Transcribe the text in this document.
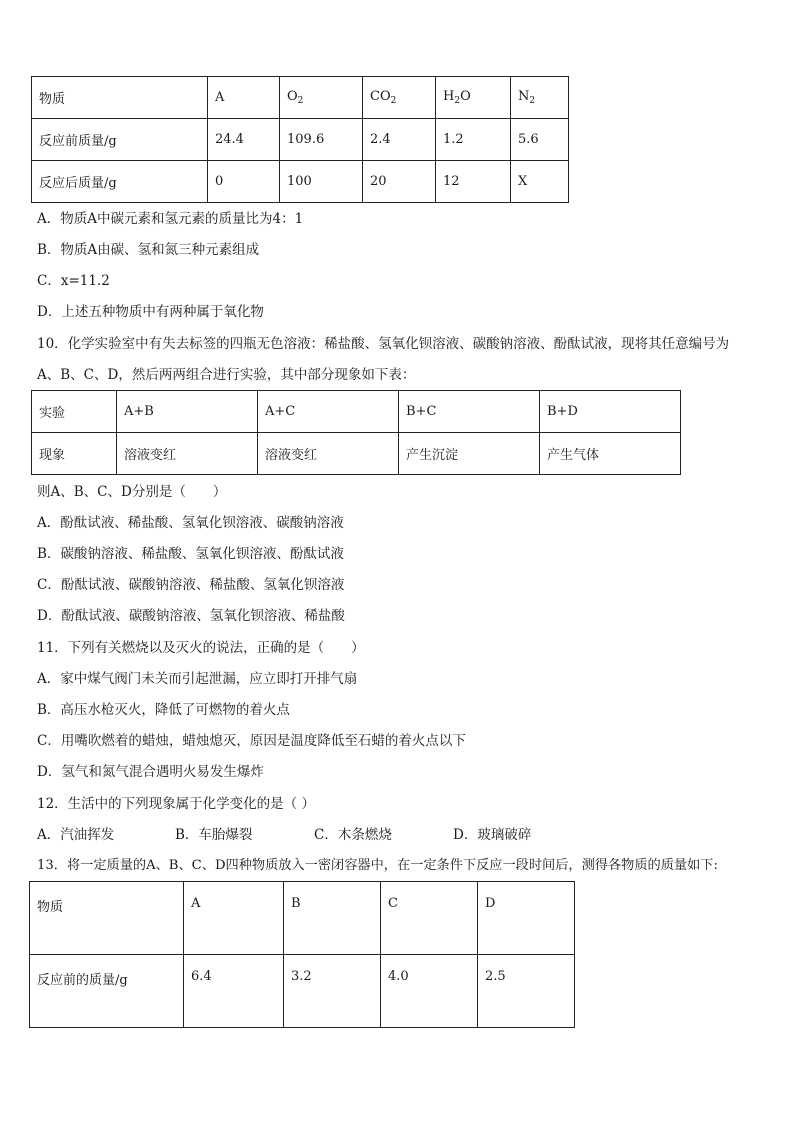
物质	A	$O_2$	$CO_2$	$H_2O$	$N_2$
反应前质量/g	24.4	109.6	2.4	1.2	5.6
反应后质量/g	0	100	20	12	X
A．物质A中碳元素和氢元素的质量比为4：1
B．物质A由碳、氢和氮三种元素组成
C．x=11.2
D．上述五种物质中有两种属于氧化物
10．化学实验室中有失去标签的四瓶无色溶液：稀盐酸、氢氧化钡溶液、碳酸钠溶液、酚酞试液，现将其任意编号为
A、B、C、D，然后两两组合进行实验，其中部分现象如下表：
实验	A+B	A+C	B+C	B+D
现象	溶液变红	溶液变红	产生沉淀	产生气体
则A、B、C、D分别是（　　）
A．酚酞试液、稀盐酸、氢氧化钡溶液、碳酸钠溶液
B．碳酸钠溶液、稀盐酸、氢氧化钡溶液、酚酞试液
C．酚酞试液、碳酸钠溶液、稀盐酸、氢氧化钡溶液
D．酚酞试液、碳酸钠溶液、氢氧化钡溶液、稀盐酸
11．下列有关燃烧以及灭火的说法，正确的是（　　）
A．家中煤气阀门未关而引起泄漏，应立即打开排气扇
B．高压水枪灭火，降低了可燃物的着火点
C．用嘴吹燃着的蜡烛，蜡烛熄灭，原因是温度降低至石蜡的着火点以下
D．氢气和氮气混合遇明火易发生爆炸
12．生活中的下列现象属于化学变化的是（ ）
A．汽油挥发	B．车胎爆裂	C．木条燃烧	D．玻璃破碎
13．将一定质量的A、B、C、D四种物质放入一密闭容器中，在一定条件下反应一段时间后，测得各物质的质量如下:
物质	A	B	C	D
反应前的质量/g	6.4	3.2	4.0	2.5
